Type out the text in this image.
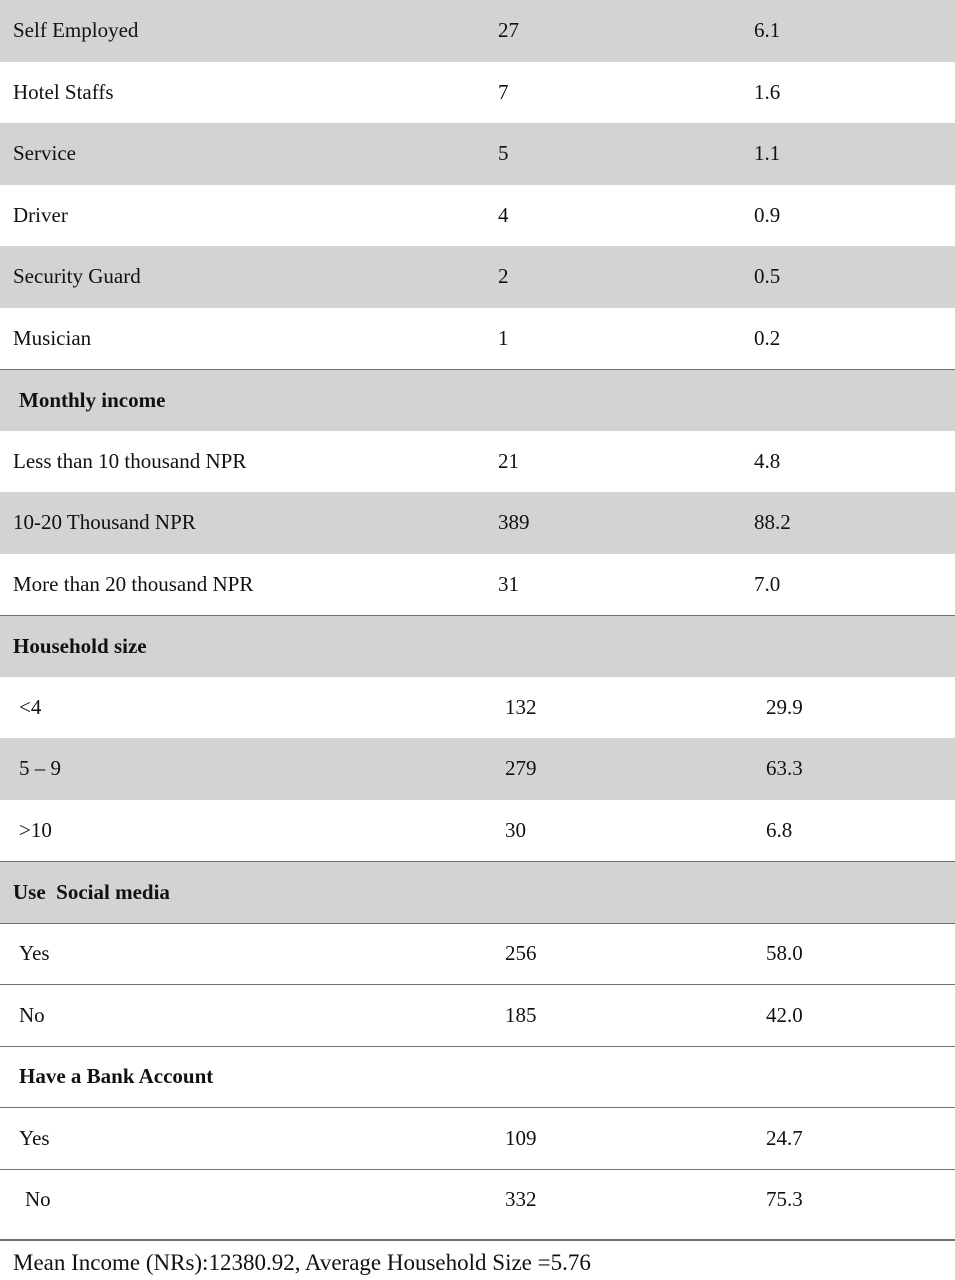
Self Employed	27	6.1
Hotel Staffs	7	1.6
Service	5	1.1
Driver	4	0.9
Security Guard	2	0.5
Musician	1	0.2
Monthly income
Less than 10 thousand NPR	21	4.8
10-20 Thousand NPR	389	88.2
More than 20 thousand NPR	31	7.0
Household size
<4	132	29.9
5 – 9	279	63.3
>10	30	6.8
Use  Social media
Yes	256	58.0
No	185	42.0
Have a Bank Account
Yes	109	24.7
No	332	75.3
Mean Income (NRs):12380.92, Average Household Size =5.76
